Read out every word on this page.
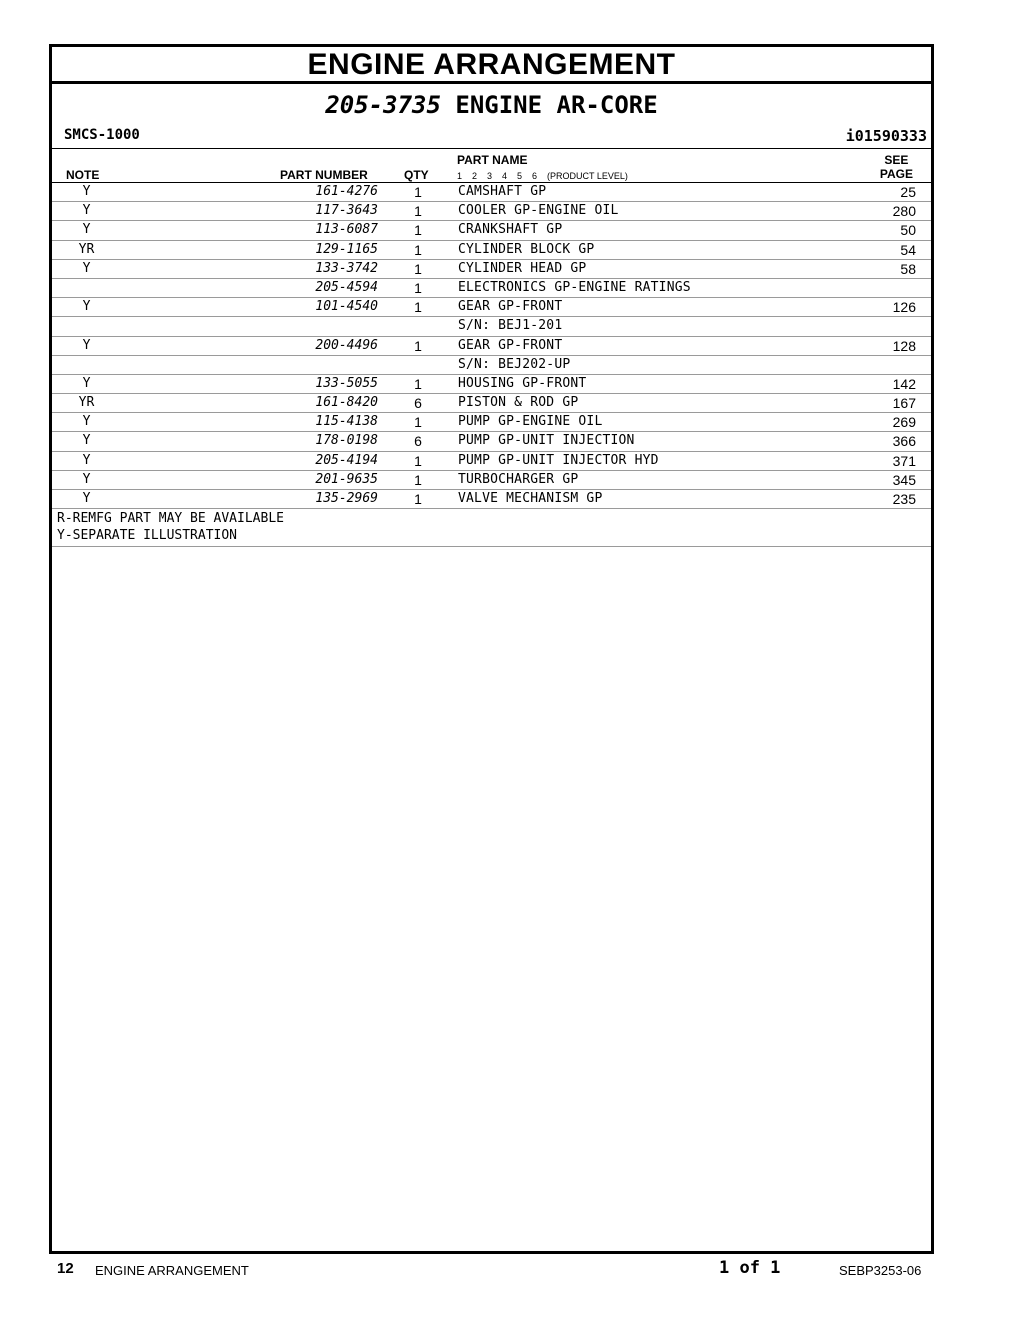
ENGINE ARRANGEMENT
205-3735 ENGINE AR-CORE
SMCS-1000	i01590333
NOTE	PART NUMBER	QTY
PART NAME
1    2    3    4    5    6    (PRODUCT LEVEL)
SEE
PAGE
Y	161-4276	1	CAMSHAFT GP	25
Y	117-3643	1	COOLER GP-ENGINE OIL	280
Y	113-6087	1	CRANKSHAFT GP	50
YR	129-1165	1	CYLINDER BLOCK GP	54
Y	133-3742	1	CYLINDER HEAD GP	58
205-4594	1	ELECTRONICS GP-ENGINE RATINGS
Y	101-4540	1	GEAR GP-FRONT	126
S/N: BEJ1-201
Y	200-4496	1	GEAR GP-FRONT	128
S/N: BEJ202-UP
Y	133-5055	1	HOUSING GP-FRONT	142
YR	161-8420	6	PISTON & ROD GP	167
Y	115-4138	1	PUMP GP-ENGINE OIL	269
Y	178-0198	6	PUMP GP-UNIT INJECTION	366
Y	205-4194	1	PUMP GP-UNIT INJECTOR HYD	371
Y	201-9635	1	TURBOCHARGER GP	345
Y	135-2969	1	VALVE MECHANISM GP	235
R-REMFG PART MAY BE AVAILABLE
Y-SEPARATE ILLUSTRATION
12 ENGINE ARRANGEMENT	1 of 1	SEBP3253-06
